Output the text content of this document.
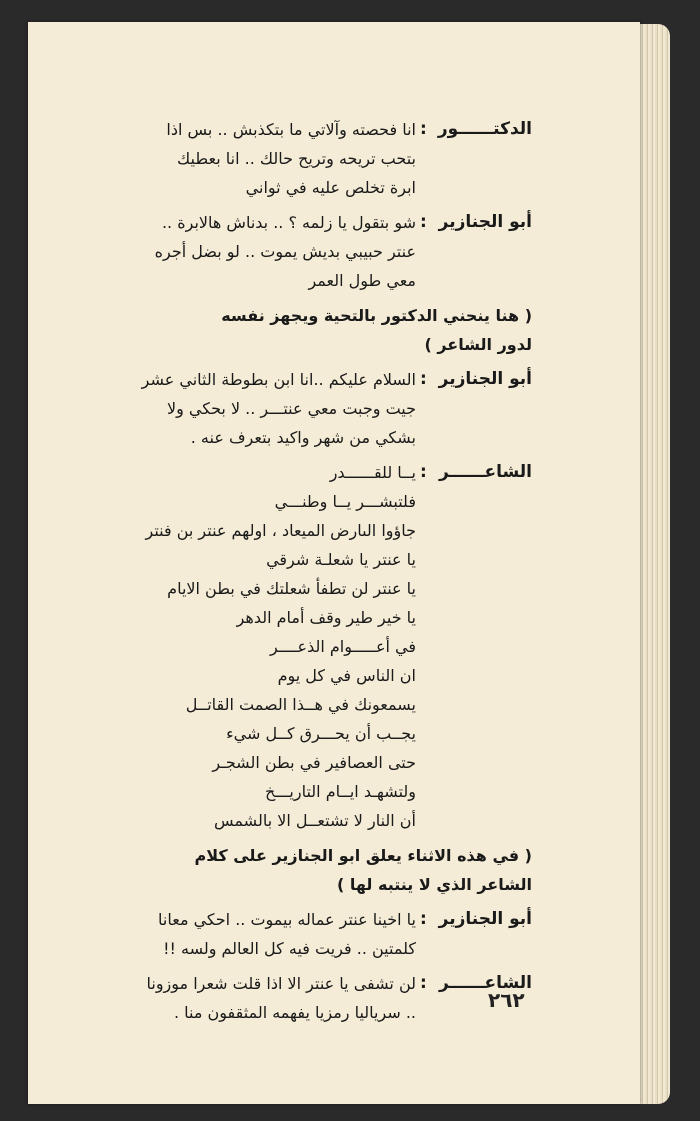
الدكتــــــور
:
انا فحصته وآلاتي ما بتكذبش .. بس اذا
بتحب تريحه وتريح حالك .. انا بعطيك
ابرة تخلص عليه في ثواني
أبو الجنازير
:
شو بتقول يا زلمه ؟ .. بدناش هالابرة ..
عنتر حبيبي بديش يموت .. لو بضل أجره
معي طول العمر
( هنا ينحني الدكتور بالتحية ويجهز نفسه
لدور الشاعر )
أبو الجنازير
:
السلام عليكم ..انا ابن بطوطة الثاني عشر
جيت وجبت معي عنتـــر .. لا بحكي ولا
بشكي من شهر واكيد بتعرف عنه .
الشاعــــــر
:
يــا للقــــــدر
فلتبشـــر يــا وطنـــي
جاؤوا الىارض الميعاد ، اولهم عنتر بن فنتر
يا عنتر يا شعلـة شرقي
يا عنتر لن تطفأ شعلتك في بطن الايام
يا خير طير وقف أمام الدهر
في أعـــــوام الذعــــر
ان الناس في كل يوم
يسمعونك في هــذا الصمت القاتــل
يجــب أن يحـــرق كــل شيء
حتى العصافير في بطن الشجـر
ولتشهـد ايــام التاريـــخ
أن النار لا تشتعــل الا بالشمس
( في هذه الاثناء يعلق ابو الجنازير على كلام
الشاعر الذي لا ينتبه لها )
أبو الجنازير
:
يا اخينا عنتر عماله بيموت .. احكي معانا
كلمتين .. فريت فيه كل العالم ولسه !!
الشاعــــــر
:
لن تشفى يا عنتر الا اذا قلت شعرا موزونا
.. سرياليا رمزيا يفهمه المثقفون منا .
٢٦٢
